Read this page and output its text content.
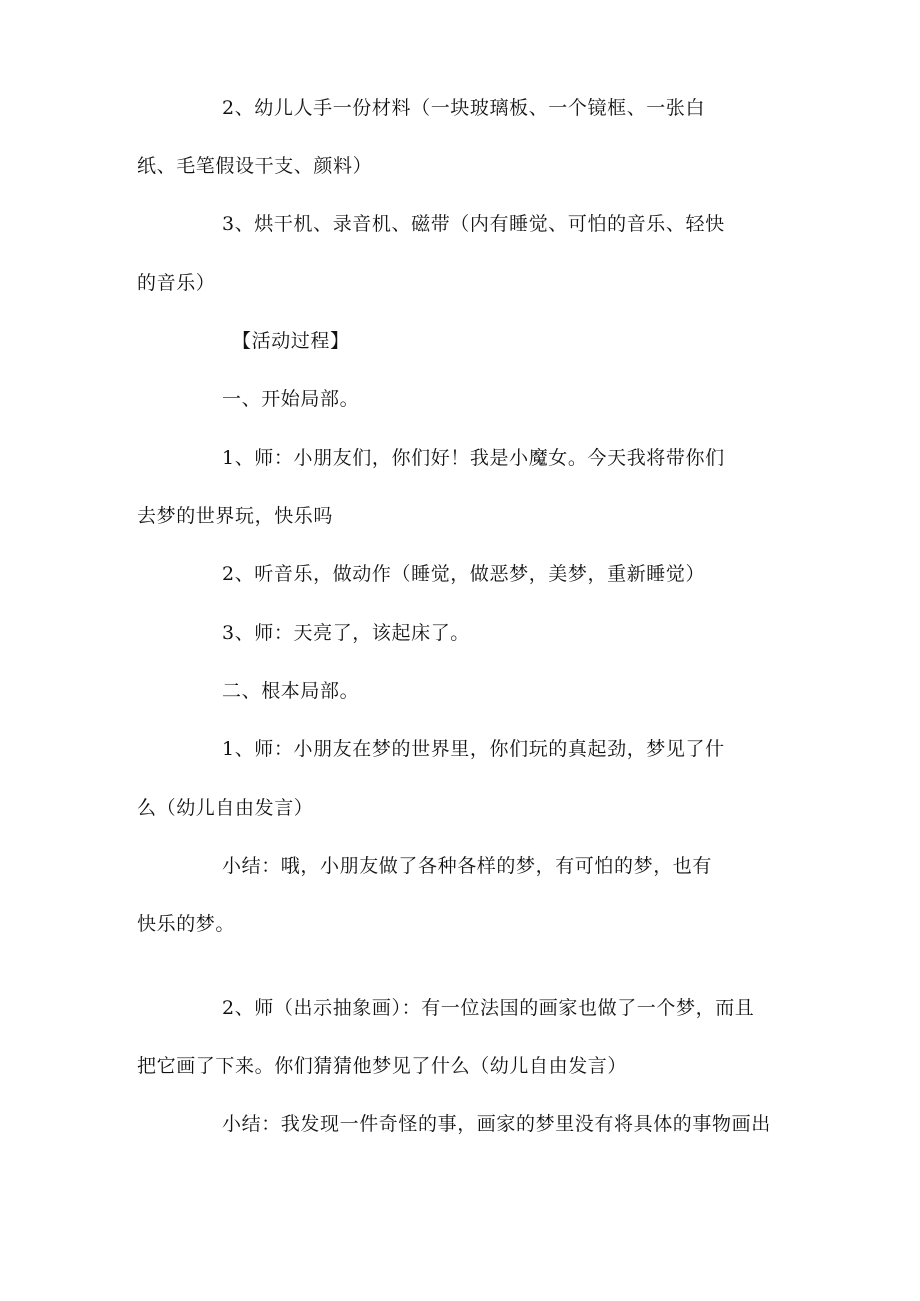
2、幼儿人手一份材料（一块玻璃板、一个镜框、一张白
纸、毛笔假设干支、颜料）
3、烘干机、录音机、磁带（内有睡觉、可怕的音乐、轻快
的音乐）
【活动过程】
一、开始局部。
1、师：小朋友们，你们好！我是小魔女。今天我将带你们
去梦的世界玩，快乐吗
2、听音乐，做动作（睡觉，做恶梦，美梦，重新睡觉）
3、师：天亮了，该起床了。
二、根本局部。
1、师：小朋友在梦的世界里，你们玩的真起劲，梦见了什
么（幼儿自由发言）
小结：哦，小朋友做了各种各样的梦，有可怕的梦，也有
快乐的梦。
2、师（出示抽象画）：有一位法国的画家也做了一个梦，而且
把它画了下来。你们猜猜他梦见了什么（幼儿自由发言）
小结：我发现一件奇怪的事，画家的梦里没有将具体的事物画出
